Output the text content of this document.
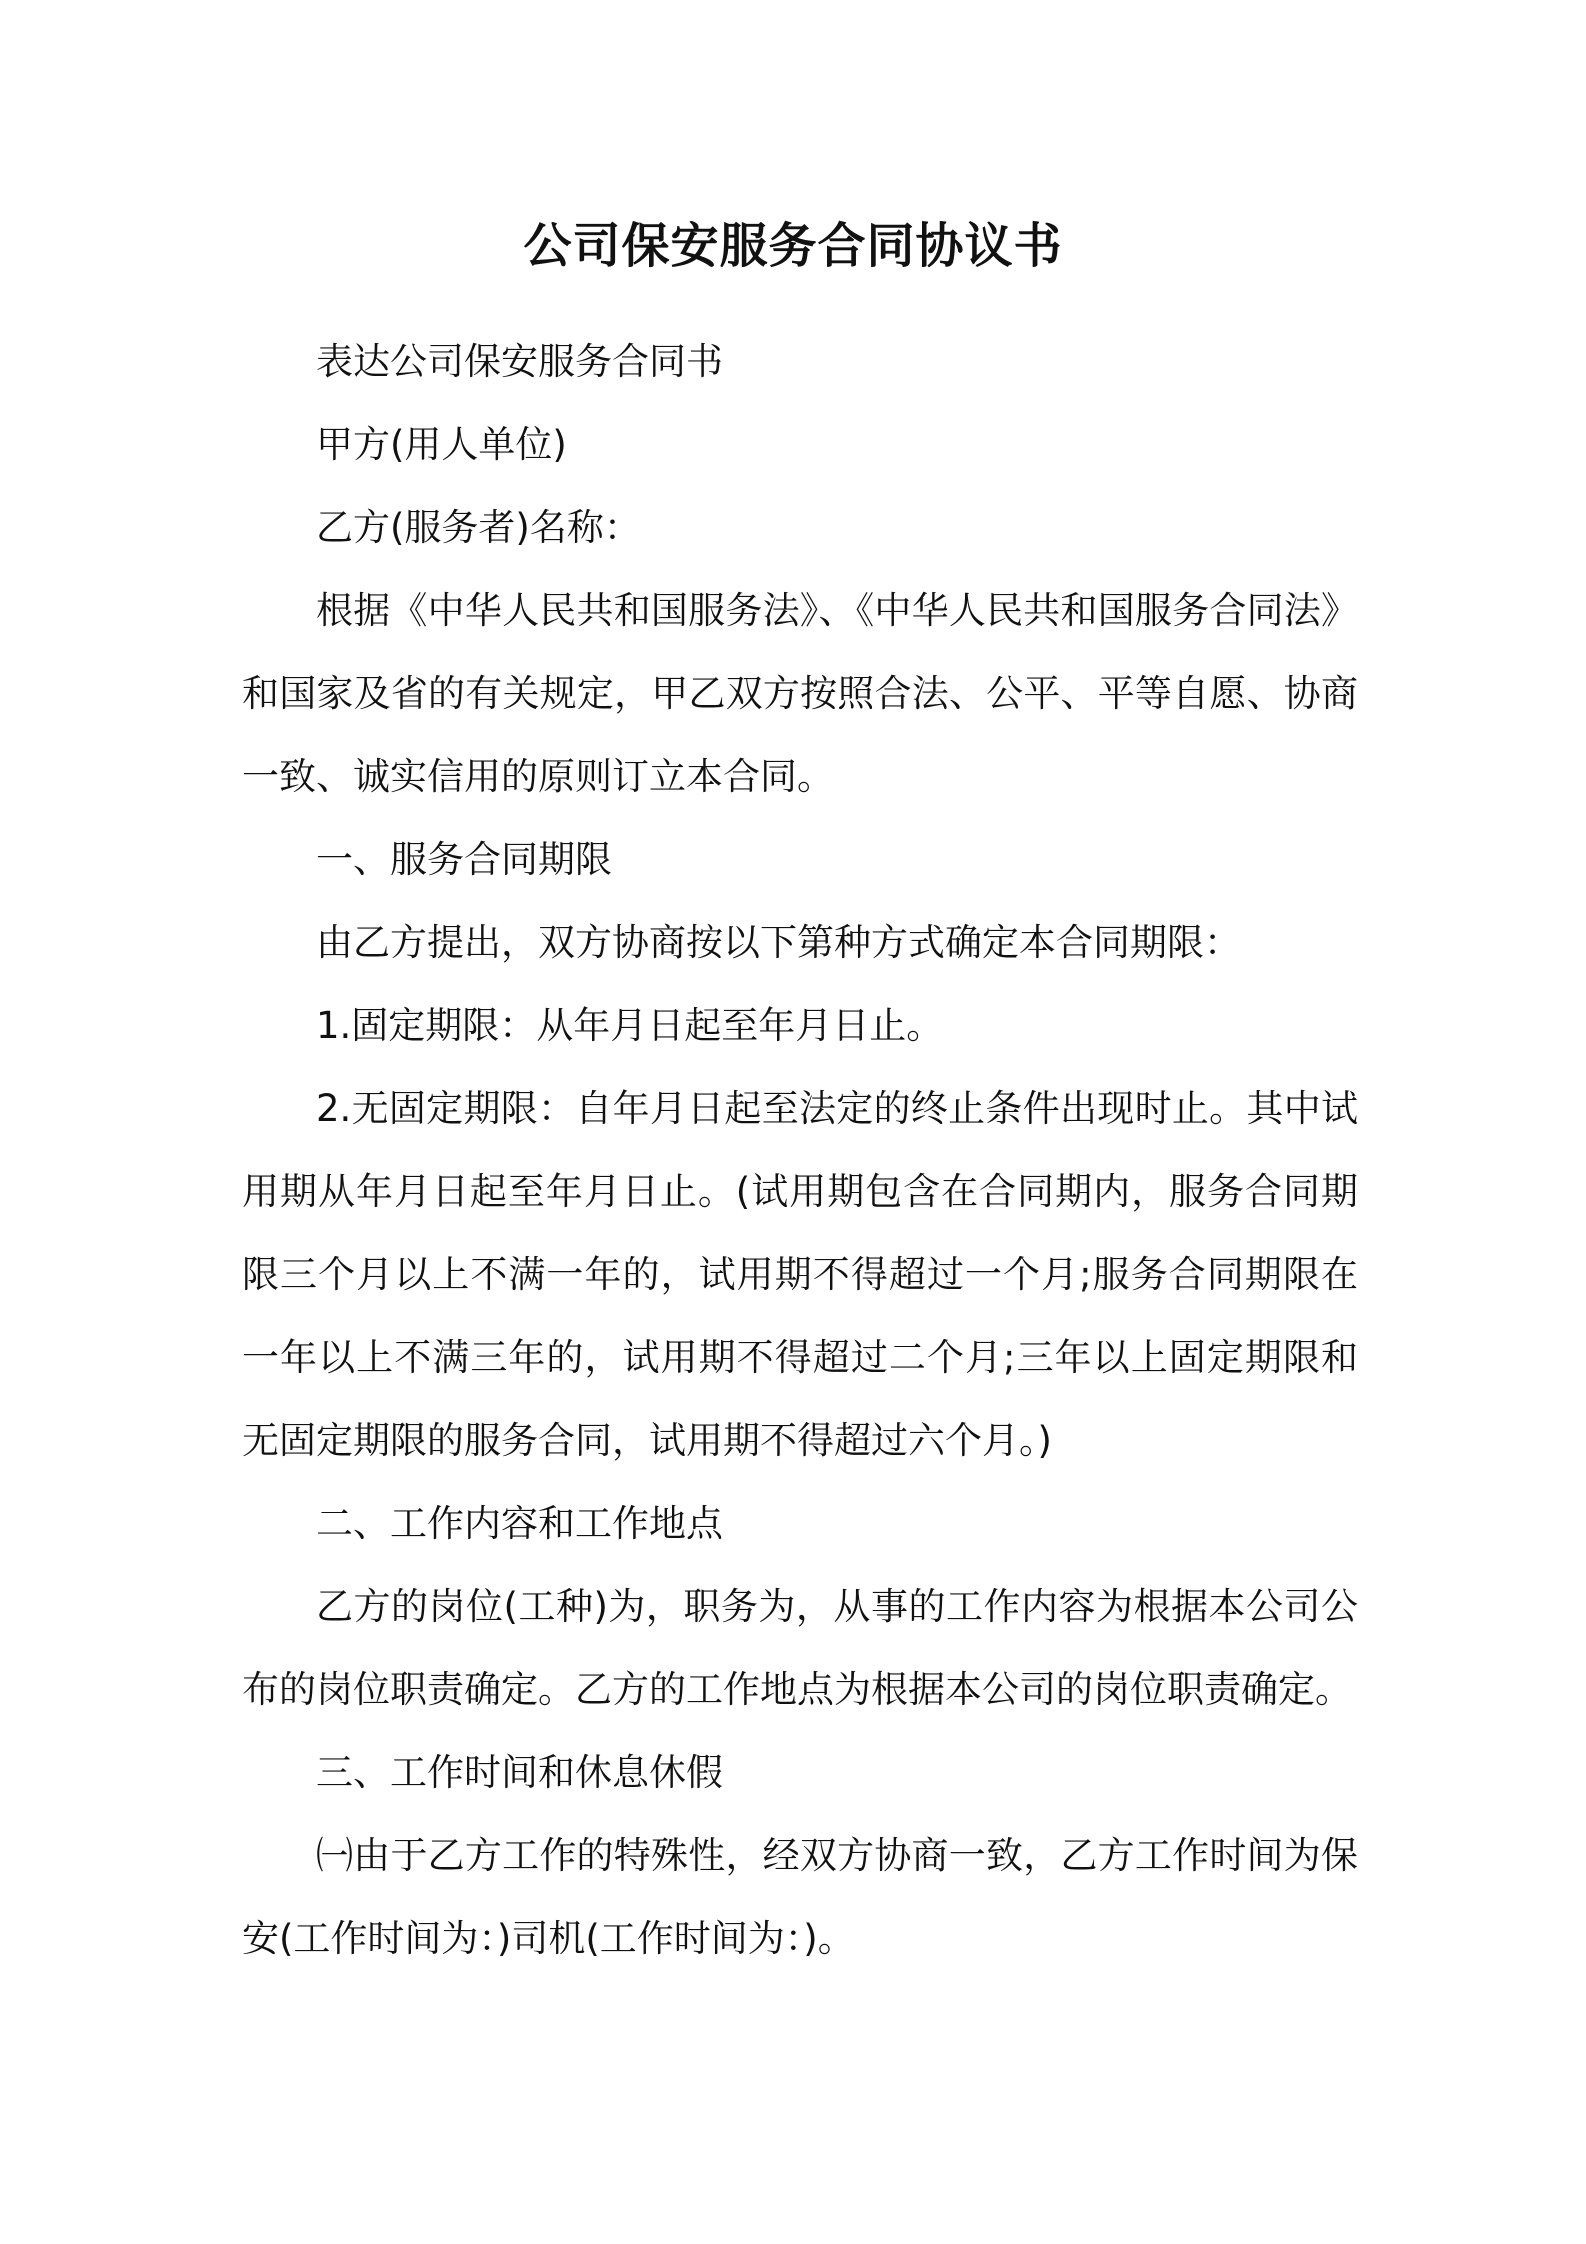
公司保安服务合同协议书

表达公司保安服务合同书

甲方(用人单位)

乙方(服务者)名称：

根据《中华人民共和国服务法》、《中华人民共和国服务合同法》和国家及省的有关规定，甲乙双方按照合法、公平、平等自愿、协商一致、诚实信用的原则订立本合同。

一、服务合同期限

由乙方提出，双方协商按以下第种方式确定本合同期限：

1.固定期限：从年月日起至年月日止。

2.无固定期限：自年月日起至法定的终止条件出现时止。其中试用期从年月日起至年月日止。(试用期包含在合同期内，服务合同期限三个月以上不满一年的，试用期不得超过一个月;服务合同期限在一年以上不满三年的，试用期不得超过二个月;三年以上固定期限和无固定期限的服务合同，试用期不得超过六个月。)

二、工作内容和工作地点

乙方的岗位(工种)为，职务为，从事的工作内容为根据本公司公布的岗位职责确定。乙方的工作地点为根据本公司的岗位职责确定。

三、工作时间和休息休假

㈠由于乙方工作的特殊性，经双方协商一致，乙方工作时间为保安(工作时间为：)司机(工作时间为：)。
